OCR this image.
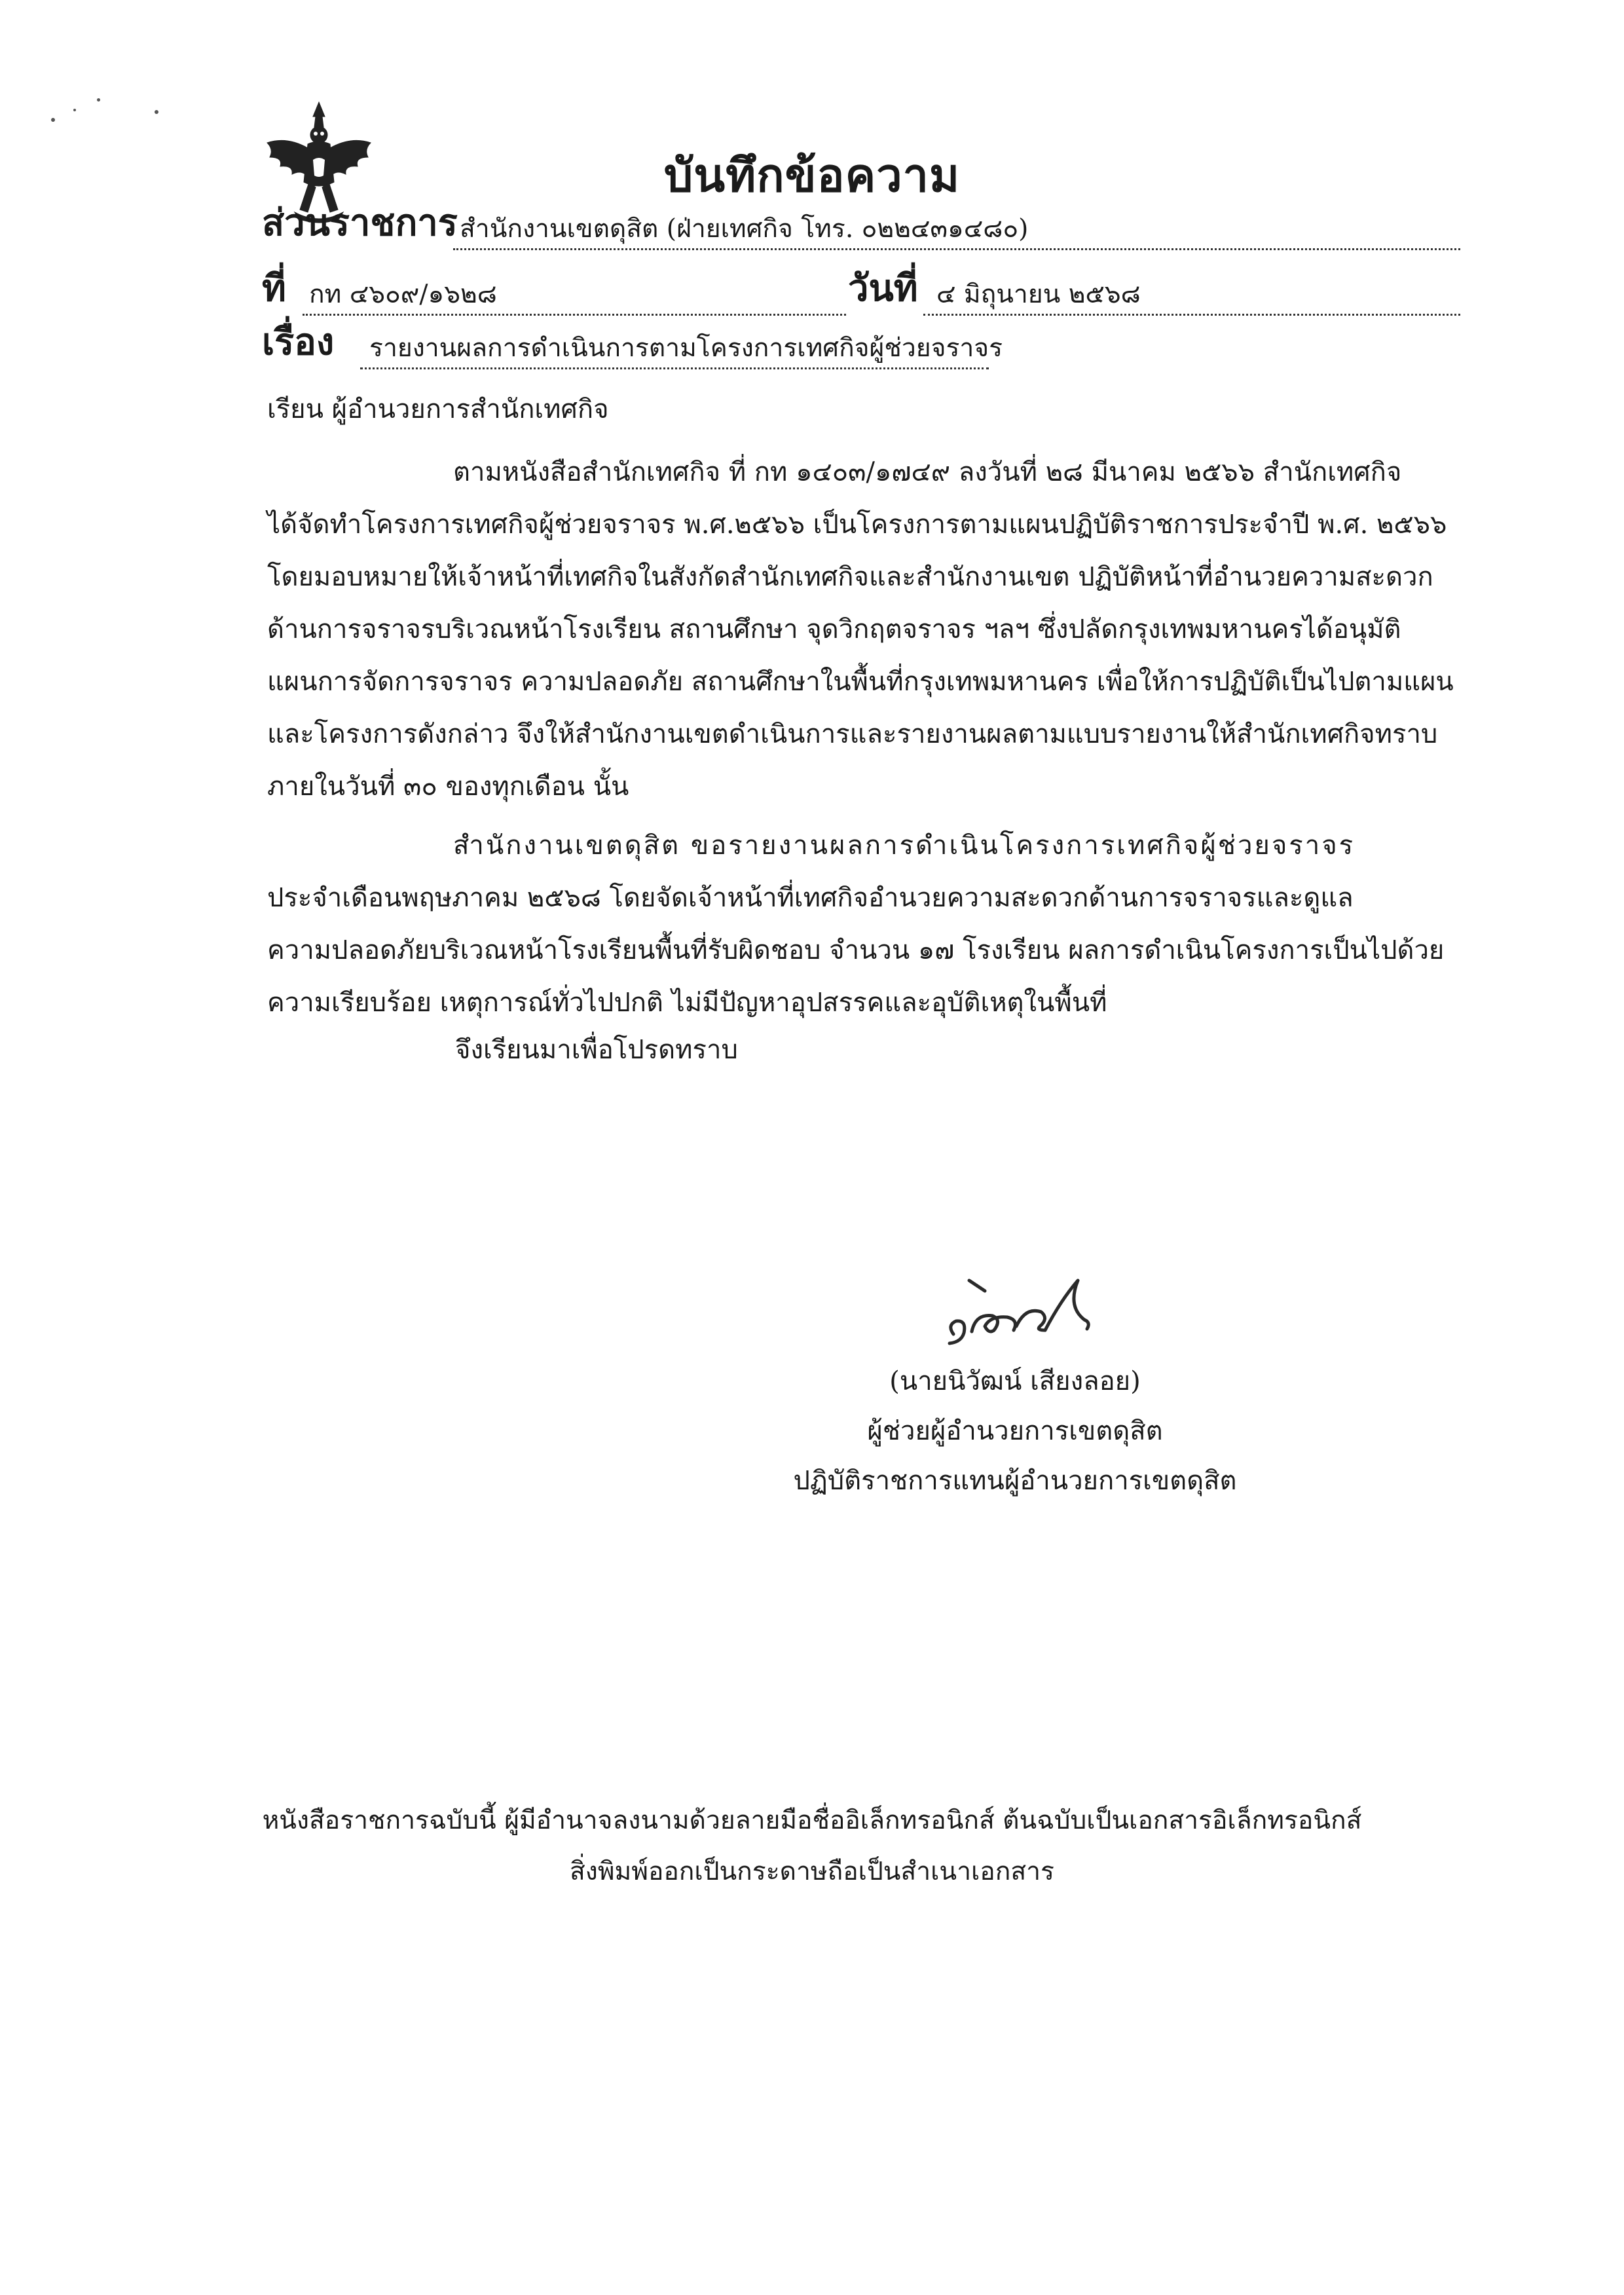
บันทึกข้อความ
ส่วนราชการ สำนักงานเขตดุสิต (ฝ่ายเทศกิจ โทร. ๐๒๒๔๓๑๔๘๐)
ที่ กท ๔๖๐๙/๑๖๒๘	วันที่ ๔ มิถุนายน ๒๕๖๘
เรื่อง รายงานผลการดำเนินการตามโครงการเทศกิจผู้ช่วยจราจร
เรียน ผู้อำนวยการสำนักเทศกิจ
ตามหนังสือสำนักเทศกิจ ที่ กท ๑๔๐๓/๑๗๔๙ ลงวันที่ ๒๘ มีนาคม ๒๕๖๖ สำนักเทศกิจ
ได้จัดทำโครงการเทศกิจผู้ช่วยจราจร พ.ศ.๒๕๖๖ เป็นโครงการตามแผนปฏิบัติราชการประจำปี พ.ศ. ๒๕๖๖
โดยมอบหมายให้เจ้าหน้าที่เทศกิจในสังกัดสำนักเทศกิจและสำนักงานเขต ปฏิบัติหน้าที่อำนวยความสะดวก
ด้านการจราจรบริเวณหน้าโรงเรียน สถานศึกษา จุดวิกฤตจราจร ฯลฯ ซึ่งปลัดกรุงเทพมหานครได้อนุมัติ
แผนการจัดการจราจร ความปลอดภัย สถานศึกษาในพื้นที่กรุงเทพมหานคร เพื่อให้การปฏิบัติเป็นไปตามแผน
และโครงการดังกล่าว จึงให้สำนักงานเขตดำเนินการและรายงานผลตามแบบรายงานให้สำนักเทศกิจทราบ
ภายในวันที่ ๓๐ ของทุกเดือน นั้น
สำนักงานเขตดุสิต ขอรายงานผลการดำเนินโครงการเทศกิจผู้ช่วยจราจร
ประจำเดือนพฤษภาคม ๒๕๖๘ โดยจัดเจ้าหน้าที่เทศกิจอำนวยความสะดวกด้านการจราจรและดูแล
ความปลอดภัยบริเวณหน้าโรงเรียนพื้นที่รับผิดชอบ จำนวน ๑๗ โรงเรียน ผลการดำเนินโครงการเป็นไปด้วย
ความเรียบร้อย เหตุการณ์ทั่วไปปกติ ไม่มีปัญหาอุปสรรคและอุบัติเหตุในพื้นที่
จึงเรียนมาเพื่อโปรดทราบ
(นายนิวัฒน์ เสียงลอย)
ผู้ช่วยผู้อำนวยการเขตดุสิต
ปฏิบัติราชการแทนผู้อำนวยการเขตดุสิต
หนังสือราชการฉบับนี้ ผู้มีอำนาจลงนามด้วยลายมือชื่ออิเล็กทรอนิกส์ ต้นฉบับเป็นเอกสารอิเล็กทรอนิกส์
สิ่งพิมพ์ออกเป็นกระดาษถือเป็นสำเนาเอกสาร
